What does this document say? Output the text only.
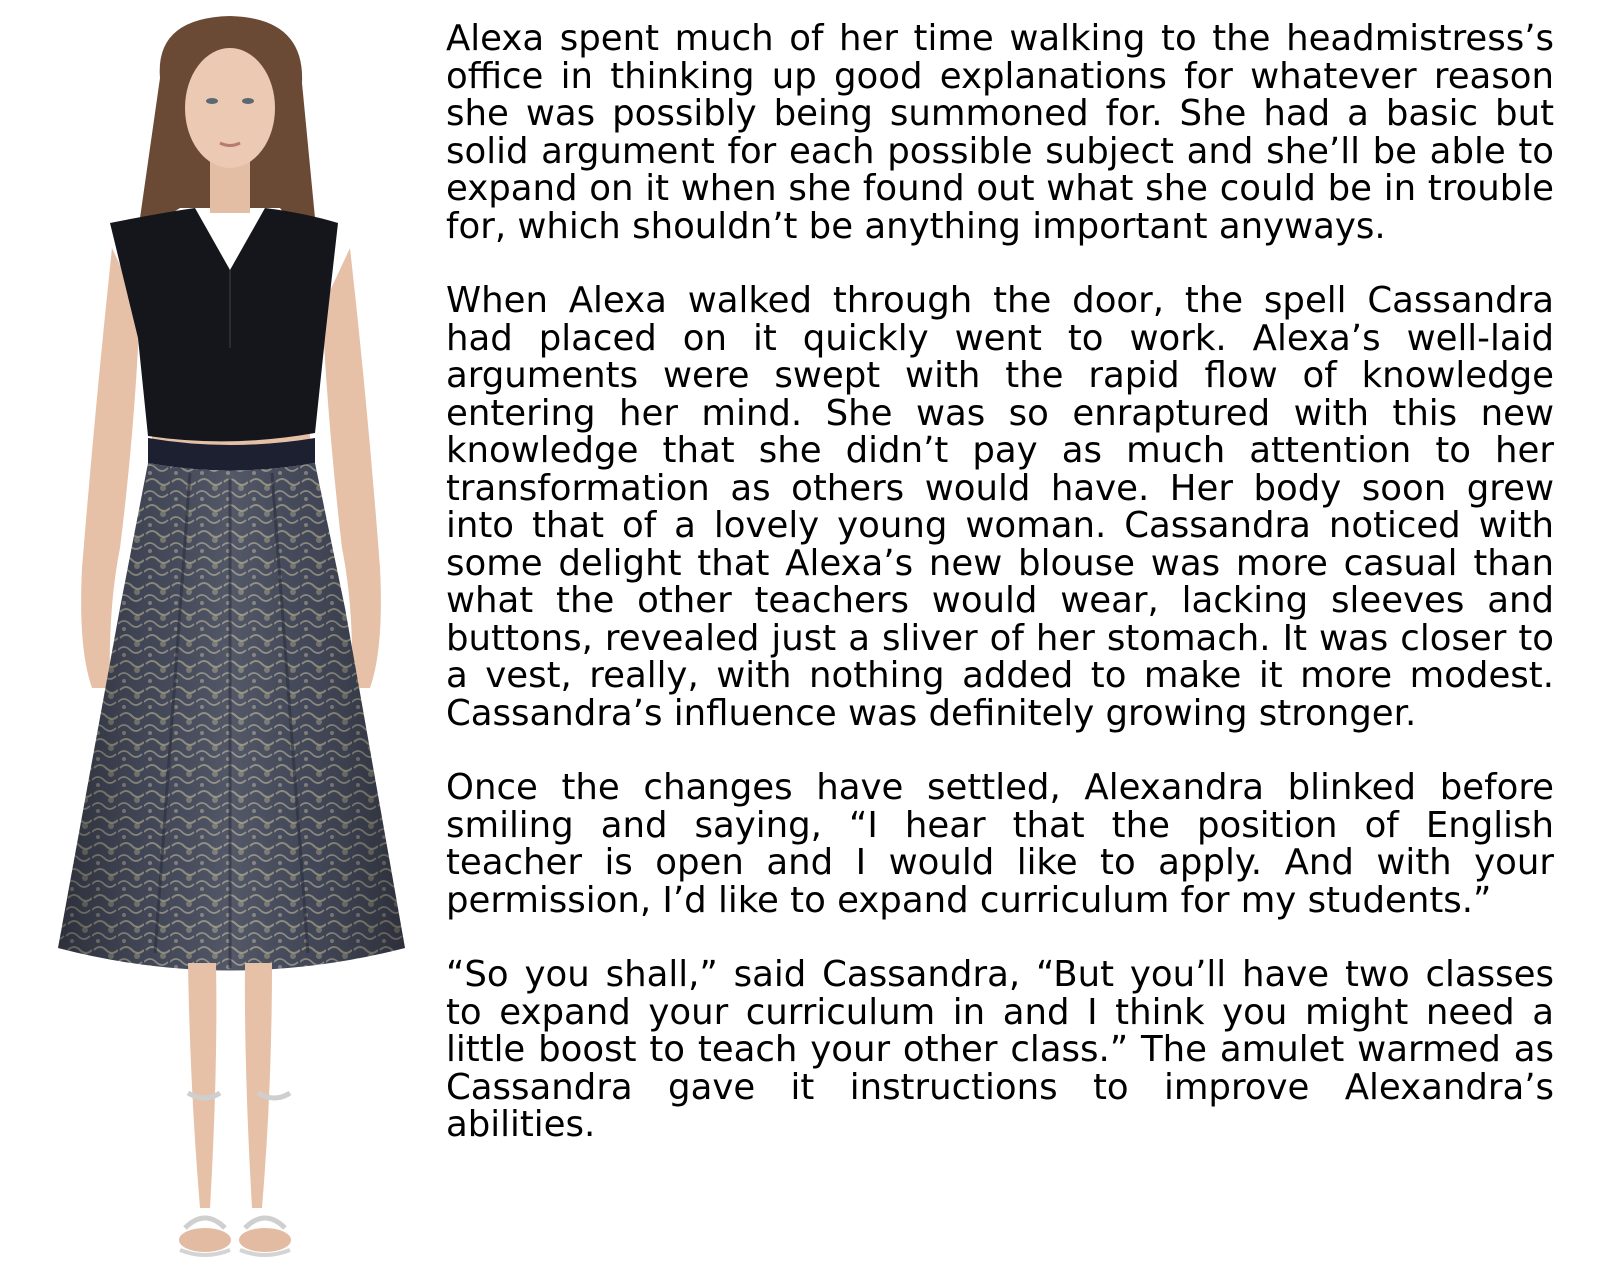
Alexa spent much of her time walking to the headmistress’s office in thinking up good explanations for whatever reason she was possibly being summoned for. She had a basic but solid argument for each possible subject and she’ll be able to expand on it when she found out what she could be in trouble for, which shouldn’t be anything important anyways.

When Alexa walked through the door, the spell Cassandra had placed on it quickly went to work. Alexa’s well-laid arguments were swept with the rapid flow of knowledge entering her mind. She was so enraptured with this new knowledge that she didn’t pay as much attention to her transformation as others would have. Her body soon grew into that of a lovely young woman. Cassandra noticed with some delight that Alexa’s new blouse was more casual than what the other teachers would wear, lacking sleeves and buttons, revealed just a sliver of her stomach. It was closer to a vest, really, with nothing added to make it more modest. Cassandra’s influence was definitely growing stronger.

Once the changes have settled, Alexandra blinked before smiling and saying, “I hear that the position of English teacher is open and I would like to apply. And with your permission, I’d like to expand curriculum for my students.”

“So you shall,” said Cassandra, “But you’ll have two classes to expand your curriculum in and I think you might need a little boost to teach your other class.” The amulet warmed as Cassandra gave it instructions to improve Alexandra’s abilities.
